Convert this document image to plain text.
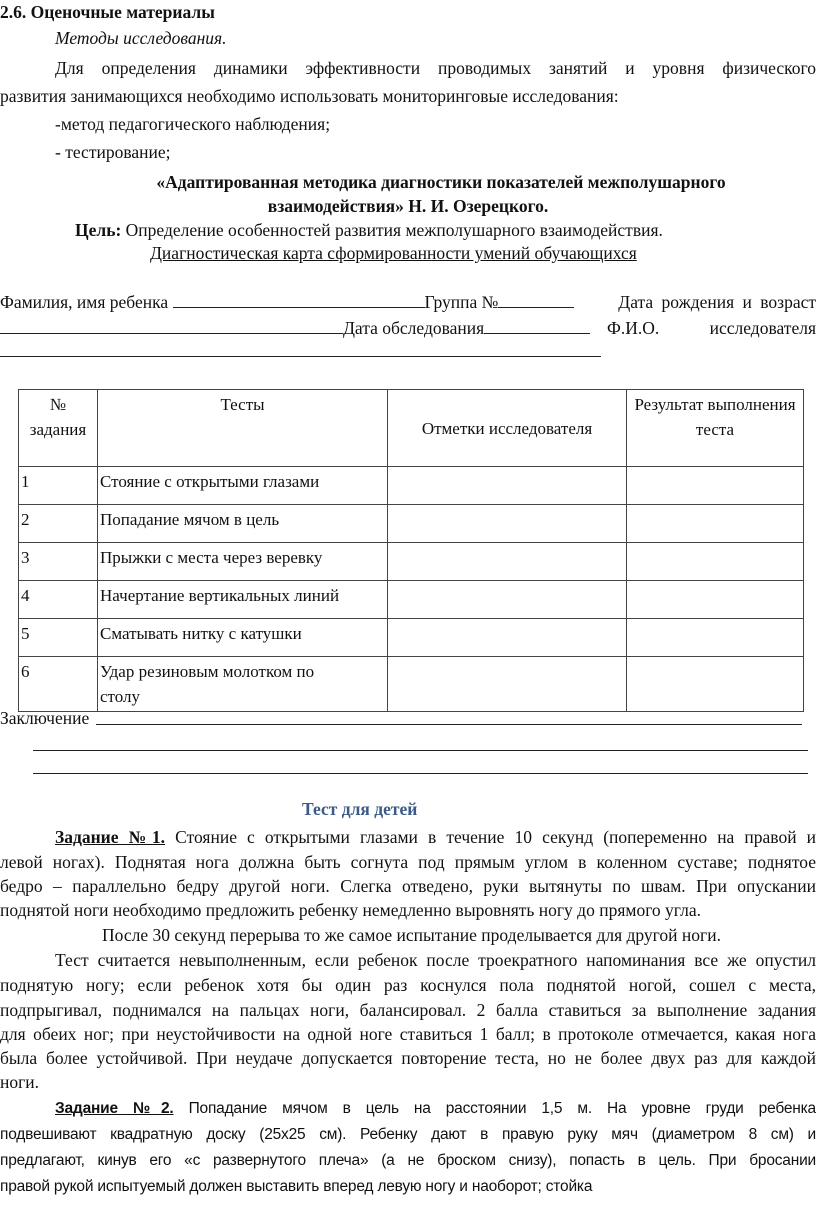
2.6. Оценочные материалы
Методы исследования.
Для определения динамики эффективности проводимых занятий и уровня физического
развития занимающихся необходимо использовать мониторинговые исследования:
-метод педагогического наблюдения;
- тестирование;
«Адаптированная методика диагностики показателей межполушарного
взаимодействия» Н. И. Озерецкого.
Цель: Определение особенностей развития межполушарного взаимодействия.
Диагностическая карта сформированности умений обучающихся
Фамилия, имя ребенка	Группа №	Дата рождения и возраст
Дата обследования	Ф.И.О.	исследователя
№ задания	Тесты	Отметки исследователя	Результат выполнения теста
1	Стояние с открытыми глазами		
2	Попадание мячом в цель		
3	Прыжки с места через веревку		
4	Начертание вертикальных линий		
5	Сматывать нитку с катушки		
6	Удар резиновым молотком по столу		

Заключение
Тест для детей
Задание №1. Стояние с открытыми глазами в течение 10 секунд (попеременно на правой и
левой ногах). Поднятая нога должна быть согнута под прямым углом в коленном суставе; поднятое
бедро – параллельно бедру другой ноги. Слегка отведено, руки вытянуты по швам. При опускании
поднятой ноги необходимо предложить ребенку немедленно выровнять ногу до прямого угла.
После 30 секунд перерыва то же самое испытание проделывается для другой ноги.
Тест считается невыполненным, если ребенок после троекратного напоминания все же опустил
поднятую ногу; если ребенок хотя бы один раз коснулся пола поднятой ногой, сошел с места,
подпрыгивал, поднимался на пальцах ноги, балансировал. 2 балла ставиться за выполнение задания
для обеих ног; при неустойчивости на одной ноге ставиться 1 балл; в протоколе отмечается, какая нога
была более устойчивой. При неудаче допускается повторение теста, но не более двух раз для каждой
ноги.
Задание №2. Попадание мячом в цель на расстоянии 1,5 м. На уровне груди ребенка
подвешивают квадратную доску (25х25 см). Ребенку дают в правую руку мяч (диаметром 8 см) и
предлагают, кинув его «с развернутого плеча» (а не броском снизу), попасть в цель. При бросании
правой рукой испытуемый должен выставить вперед левую ногу и наоборот; стойка
